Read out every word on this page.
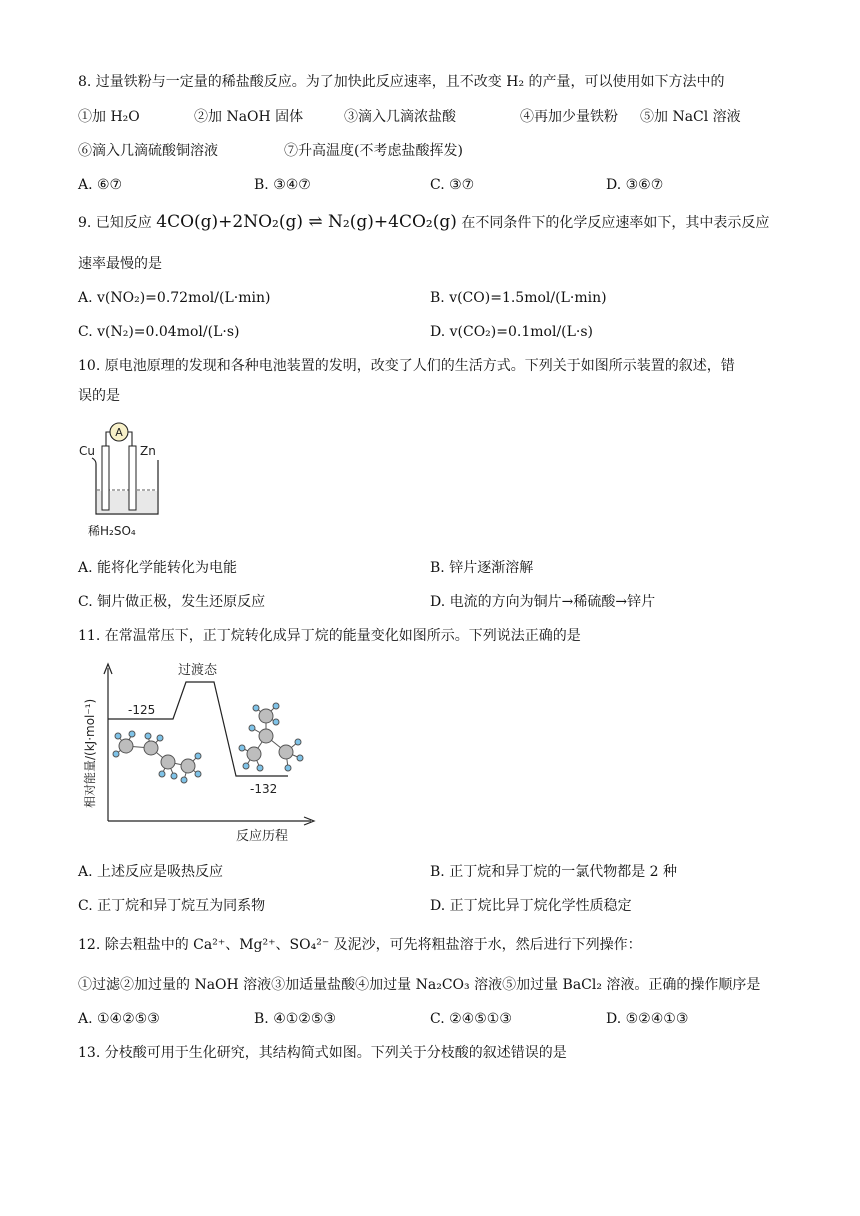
8. 过量铁粉与一定量的稀盐酸反应。为了加快此反应速率，且不改变 H₂ 的产量，可以使用如下方法中的
①加 H₂O	②加 NaOH 固体	③滴入几滴浓盐酸	④再加少量铁粉 ⑤加 NaCl 溶液
⑥滴入几滴硫酸铜溶液	⑦升高温度(不考虑盐酸挥发)
A. ⑥⑦	B. ③④⑦	C. ③⑦	D. ③⑥⑦
9. 已知反应 4CO(g)+2NO₂(g) ⇌ N₂(g)+4CO₂(g) 在不同条件下的化学反应速率如下，其中表示反应
速率最慢的是
A. v(NO₂)=0.72mol/(L·min)	B. v(CO)=1.5mol/(L·min)
C. v(N₂)=0.04mol/(L·s)	D. v(CO₂)=0.1mol/(L·s)
10. 原电池原理的发现和各种电池装置的发明，改变了人们的生活方式。下列关于如图所示装置的叙述，错
误的是
A
Cu	Zn
稀H₂SO₄
A. 能将化学能转化为电能	B. 锌片逐渐溶解
C. 铜片做正极，发生还原反应	D. 电流的方向为铜片→稀硫酸→锌片
11. 在常温常压下，正丁烷转化成异丁烷的能量变化如图所示。下列说法正确的是
相对能量/(kJ·mol⁻¹)
反应历程
过渡态
-125
-132
A. 上述反应是吸热反应	B. 正丁烷和异丁烷的一氯代物都是 2 种
C. 正丁烷和异丁烷互为同系物	D. 正丁烷比异丁烷化学性质稳定
12. 除去粗盐中的 Ca²⁺、Mg²⁺、SO₄²⁻ 及泥沙，可先将粗盐溶于水，然后进行下列操作：
①过滤②加过量的 NaOH 溶液③加适量盐酸④加过量 Na₂CO₃ 溶液⑤加过量 BaCl₂ 溶液。正确的操作顺序是
A. ①④②⑤③	B. ④①②⑤③	C. ②④⑤①③	D. ⑤②④①③
13. 分枝酸可用于生化研究，其结构简式如图。下列关于分枝酸的叙述错误的是
